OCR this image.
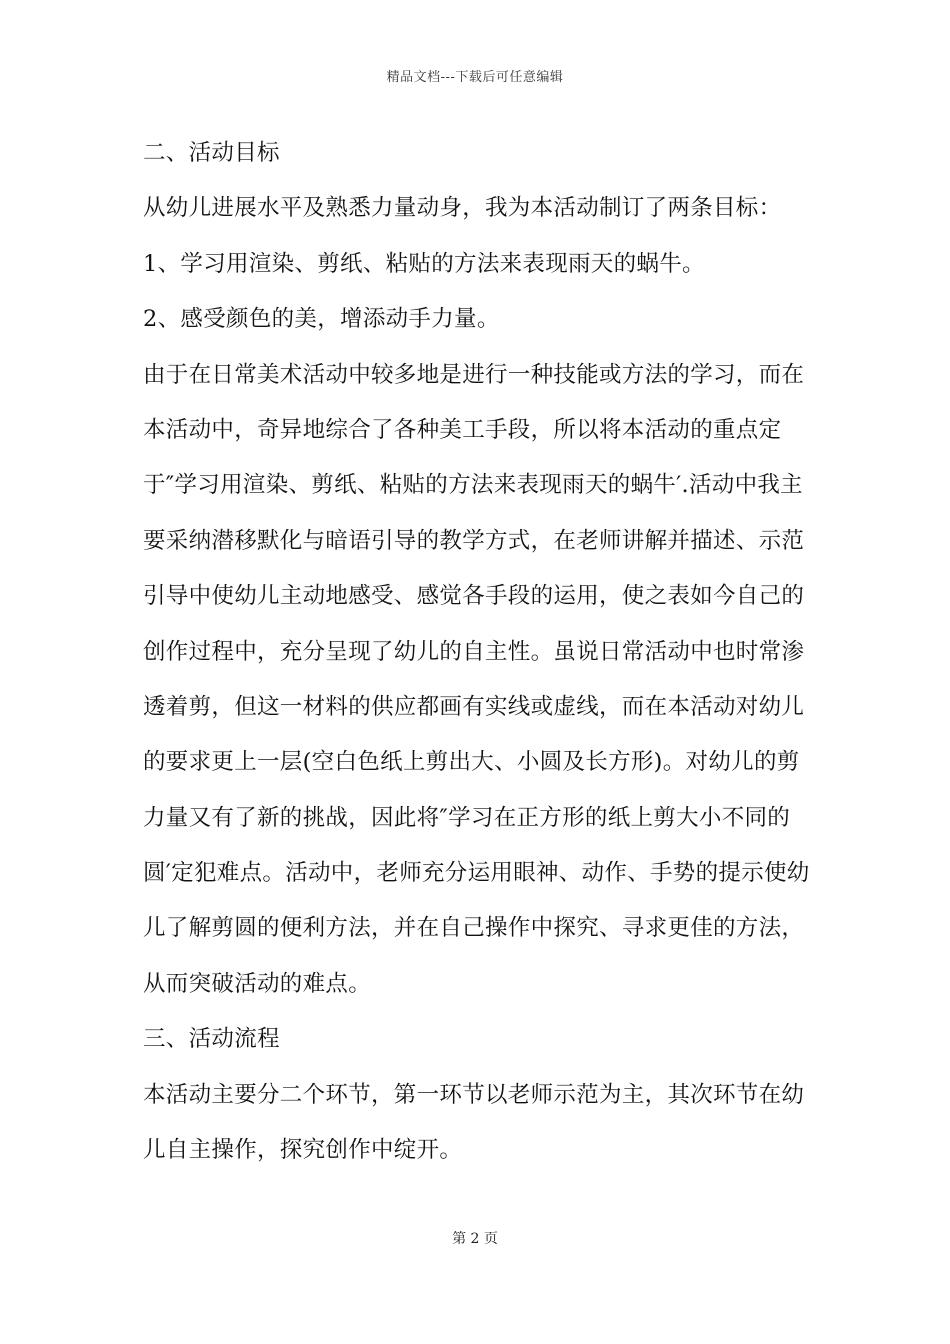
精品文档---下载后可任意编辑
二、活动目标
从幼儿进展水平及熟悉力量动身，我为本活动制订了两条目标：
1、学习用渲染、剪纸、粘贴的方法来表现雨天的蜗牛。
2、感受颜色的美，增添动手力量。
由于在日常美术活动中较多地是进行一种技能或方法的学习，而在
本活动中，奇异地综合了各种美工手段，所以将本活动的重点定
于″学习用渲染、剪纸、粘贴的方法来表现雨天的蜗牛′.活动中我主
要采纳潜移默化与暗语引导的教学方式，在老师讲解并描述、示范
引导中使幼儿主动地感受、感觉各手段的运用，使之表如今自己的
创作过程中，充分呈现了幼儿的自主性。虽说日常活动中也时常渗
透着剪，但这一材料的供应都画有实线或虚线，而在本活动对幼儿
的要求更上一层(空白色纸上剪出大、小圆及长方形)。对幼儿的剪
力量又有了新的挑战，因此将″学习在正方形的纸上剪大小不同的
圆′定犯难点。活动中，老师充分运用眼神、动作、手势的提示使幼
儿了解剪圆的便利方法，并在自己操作中探究、寻求更佳的方法，
从而突破活动的难点。
三、活动流程
本活动主要分二个环节，第一环节以老师示范为主，其次环节在幼
儿自主操作，探究创作中绽开。
第 2 页
